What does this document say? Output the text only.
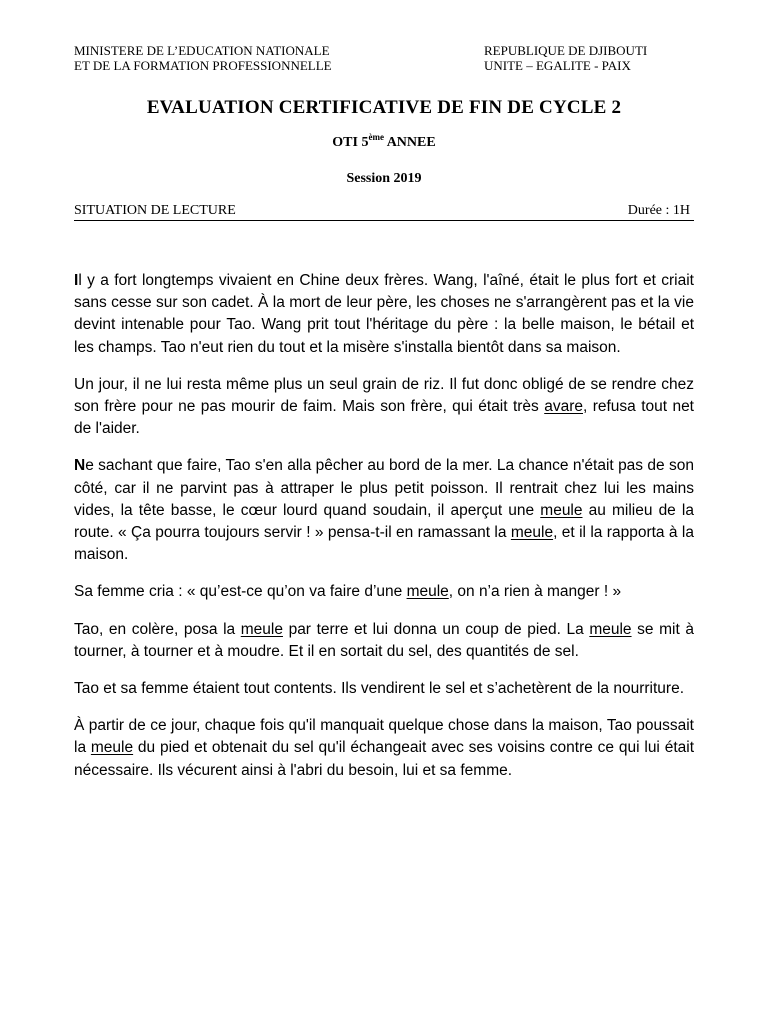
MINISTERE DE L’EDUCATION NATIONALE
ET DE LA FORMATION PROFESSIONNELLE
REPUBLIQUE DE DJIBOUTI
UNITE – EGALITE - PAIX
EVALUATION CERTIFICATIVE DE FIN DE CYCLE 2
OTI 5ème ANNEE
Session 2019
SITUATION DE LECTURE	Durée : 1H

Il y a fort longtemps vivaient en Chine deux frères. Wang, l'aîné, était le plus fort et criait sans cesse sur son cadet. À la mort de leur père, les choses ne s'arrangèrent pas et la vie devint intenable pour Tao. Wang prit tout l'héritage du père : la belle maison, le bétail et les champs. Tao n'eut rien du tout et la misère s'installa bientôt dans sa maison.

Un jour, il ne lui resta même plus un seul grain de riz. Il fut donc obligé de se rendre chez son frère pour ne pas mourir de faim. Mais son frère, qui était très avare, refusa tout net de l'aider.

Ne sachant que faire, Tao s'en alla pêcher au bord de la mer. La chance n'était pas de son côté, car il ne parvint pas à attraper le plus petit poisson. Il rentrait chez lui les mains vides, la tête basse, le cœur lourd quand soudain, il aperçut une meule au milieu de la route. « Ça pourra toujours servir ! » pensa-t-il en ramassant la meule, et il la rapporta à la maison.

Sa femme cria : « qu’est-ce qu’on va faire d’une meule, on n’a rien à manger ! »

Tao, en colère, posa la meule par terre et lui donna un coup de pied. La meule se mit à tourner, à tourner et à moudre. Et il en sortait du sel, des quantités de sel.

Tao et sa femme étaient tout contents. Ils vendirent le sel et s’achetèrent de la nourriture.

À partir de ce jour, chaque fois qu'il manquait quelque chose dans la maison, Tao poussait la meule du pied et obtenait du sel qu'il échangeait avec ses voisins contre ce qui lui était nécessaire. Ils vécurent ainsi à l'abri du besoin, lui et sa femme.
